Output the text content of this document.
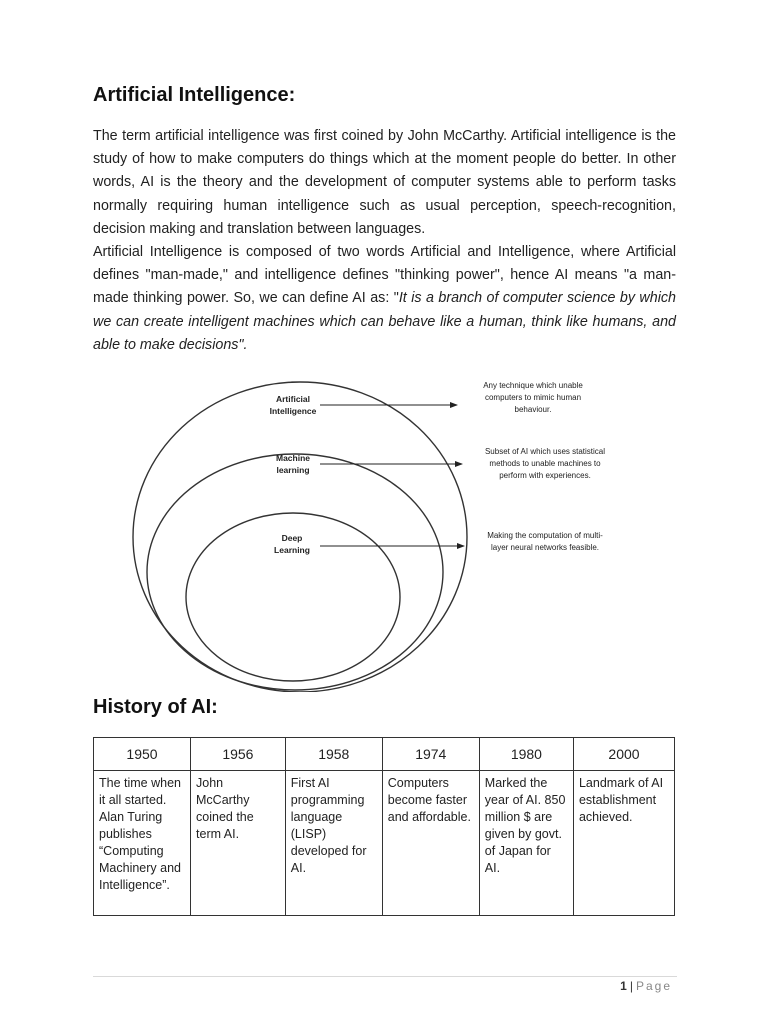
Artificial Intelligence:

The term artificial intelligence was first coined by John McCarthy. Artificial intelligence is the study of how to make computers do things which at the moment people do better. In other words, AI is the theory and the development of computer systems able to perform tasks normally requiring human intelligence such as usual perception, speech-recognition, decision making and translation between languages.

Artificial Intelligence is composed of two words Artificial and Intelligence, where Artificial defines "man-made," and intelligence defines "thinking power", hence AI means "a man-made thinking power. So, we can define AI as: "It is a branch of computer science by which we can create intelligent machines which can behave like a human, think like humans, and able to make decisions".

Artificial
Intelligence
Machine
learning
Deep
Learning
Any technique which unable
computers to mimic human
behaviour.
Subset of AI which uses statistical
methods to unable machines to
perform with experiences.
Making the computation of multi-
layer neural networks feasible.
History of AI:
1950	1956	1958	1974	1980	2000
The time when it all started. Alan Turing publishes “Computing Machinery and Intelligence”.	John McCarthy coined the term AI.	First AI programming language (LISP) developed for AI.	Computers become faster and affordable.	Marked the year of AI. 850 million $ are given by govt. of Japan for AI.	Landmark of AI establishment achieved.
1 | Page
